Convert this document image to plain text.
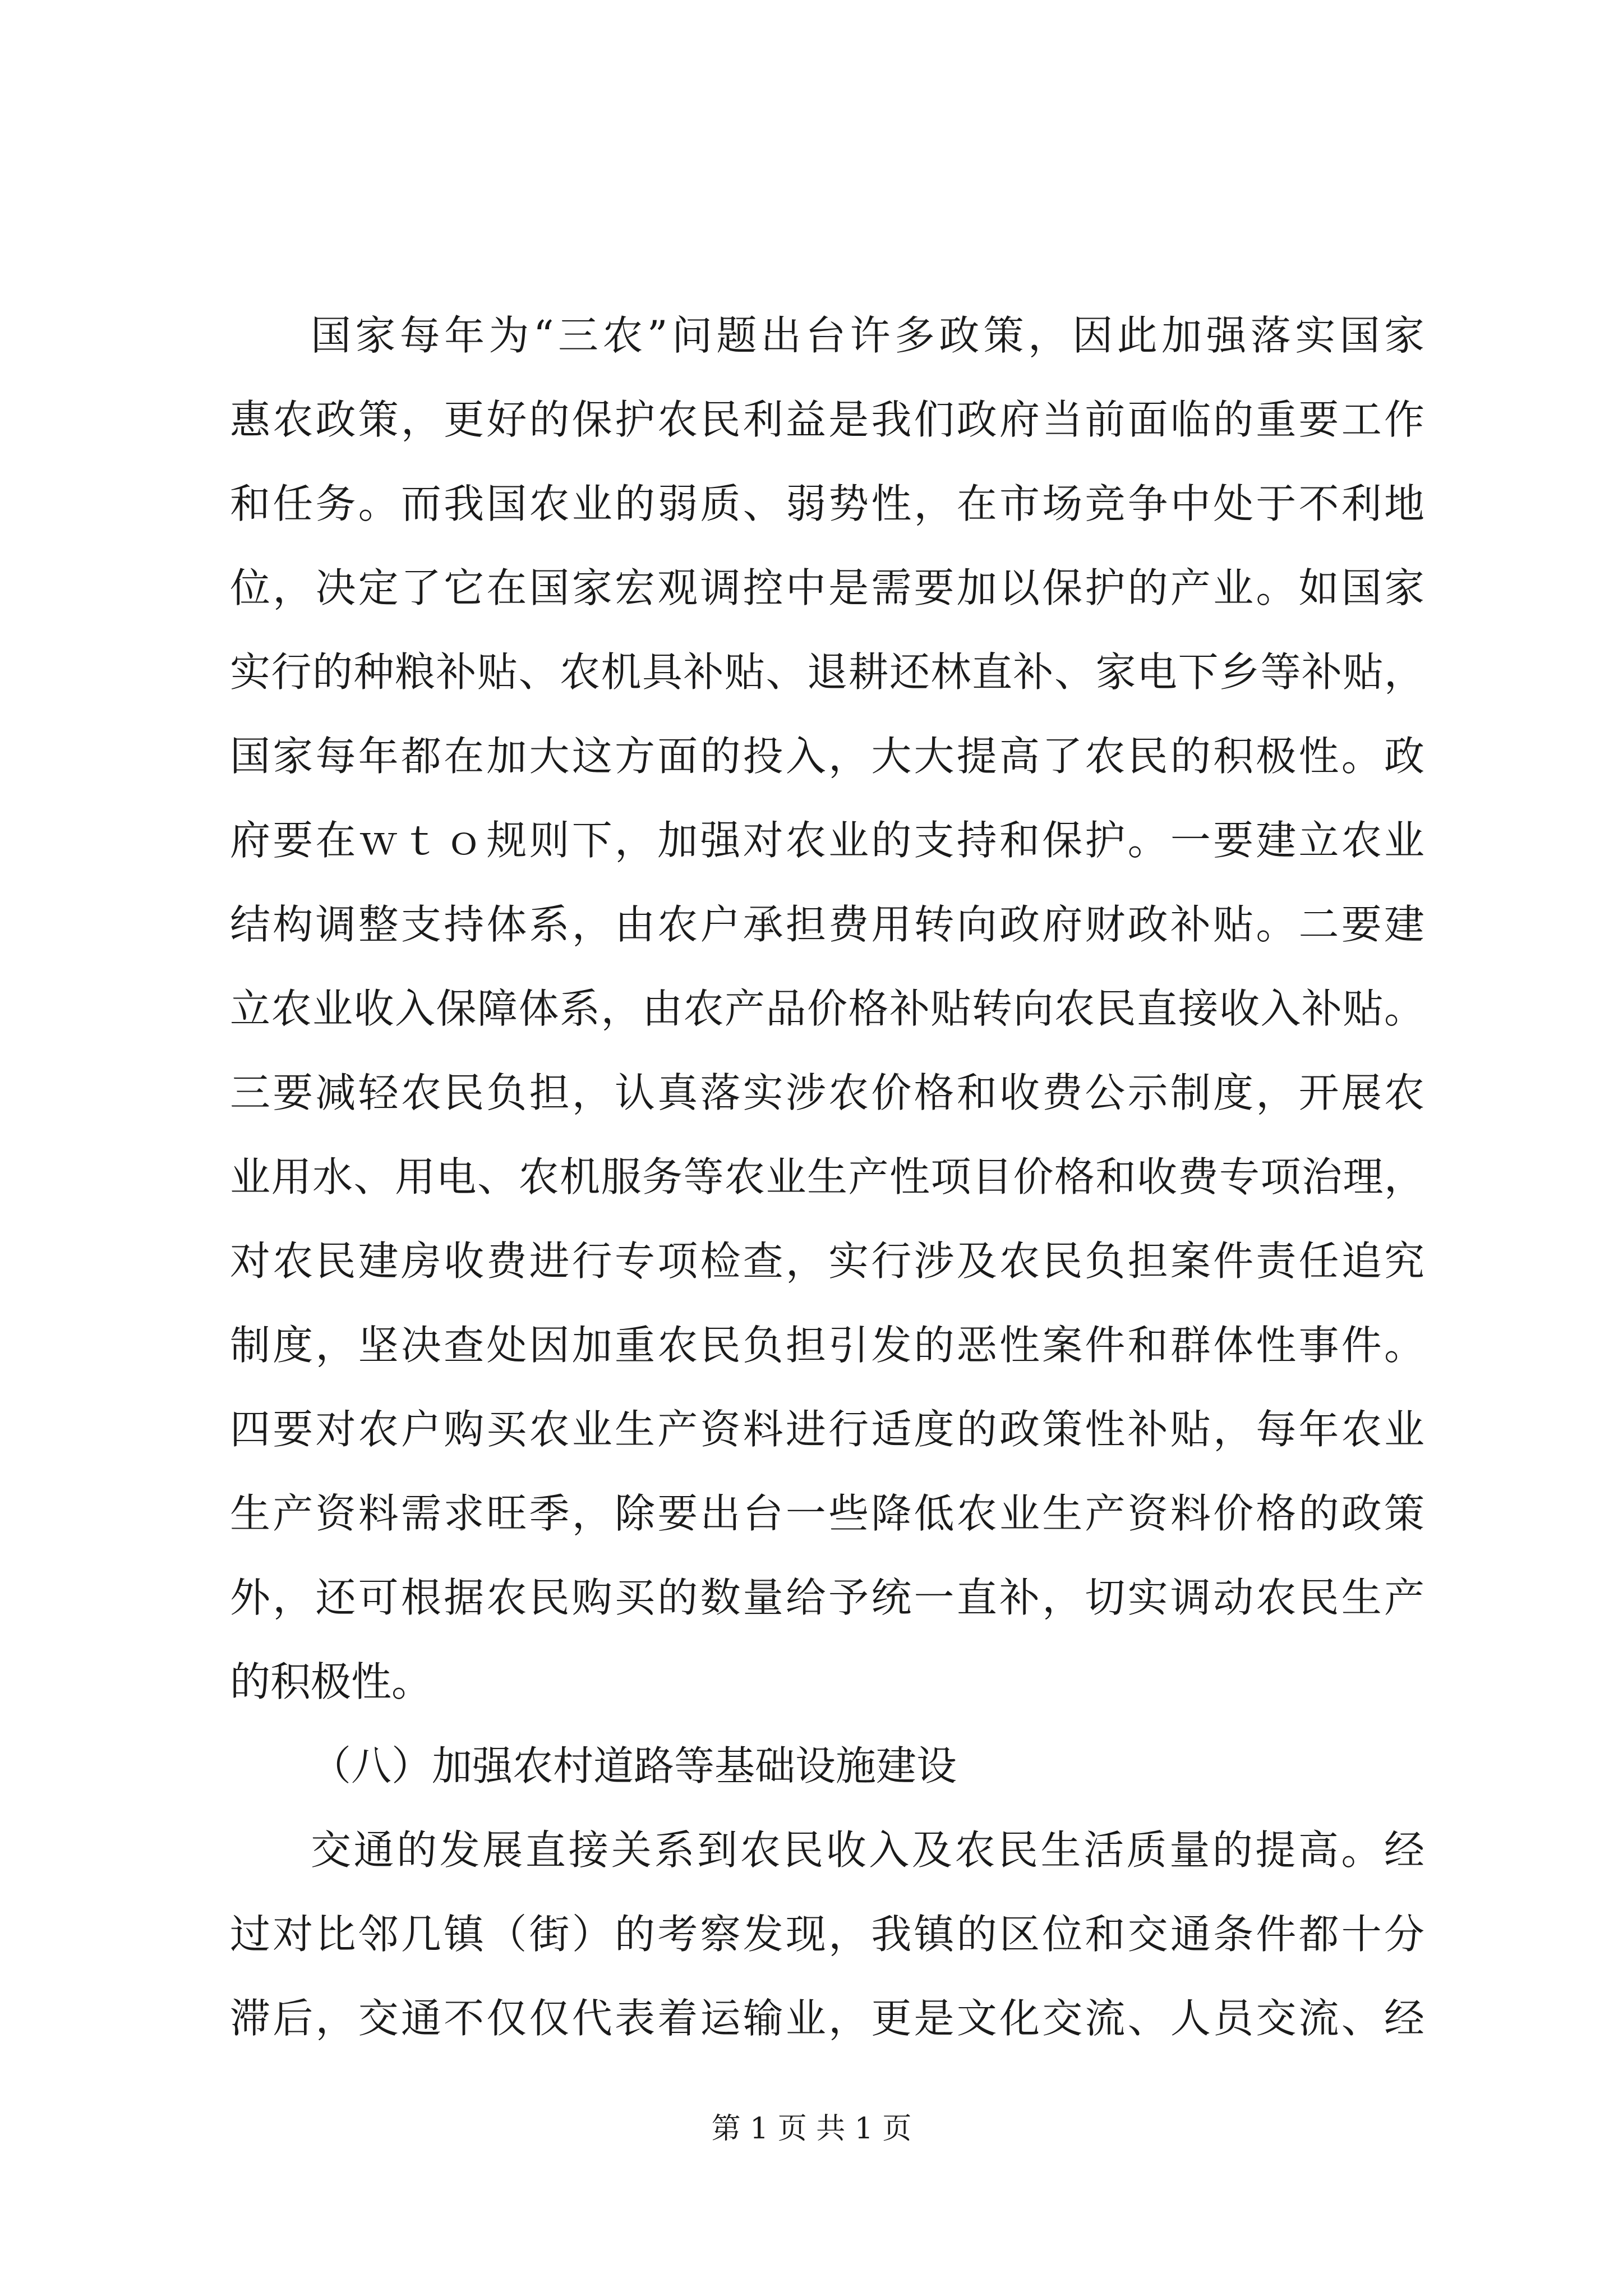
国家每年为“三农”问题出台许多政策，因此加强落实国家
惠农政策，更好的保护农民利益是我们政府当前面临的重要工作
和任务。而我国农业的弱质、弱势性，在市场竞争中处于不利地
位，决定了它在国家宏观调控中是需要加以保护的产业。如国家
实行的种粮补贴、农机具补贴、退耕还林直补、家电下乡等补贴，
国家每年都在加大这方面的投入，大大提高了农民的积极性。政
府要在ｗｔｏ规则下，加强对农业的支持和保护。一要建立农业
结构调整支持体系，由农户承担费用转向政府财政补贴。二要建
立农业收入保障体系，由农产品价格补贴转向农民直接收入补贴。
三要减轻农民负担，认真落实涉农价格和收费公示制度，开展农
业用水、用电、农机服务等农业生产性项目价格和收费专项治理，
对农民建房收费进行专项检查，实行涉及农民负担案件责任追究
制度，坚决查处因加重农民负担引发的恶性案件和群体性事件。
四要对农户购买农业生产资料进行适度的政策性补贴，每年农业
生产资料需求旺季，除要出台一些降低农业生产资料价格的政策
外，还可根据农民购买的数量给予统一直补，切实调动农民生产
的积极性。
（八）加强农村道路等基础设施建设
交通的发展直接关系到农民收入及农民生活质量的提高。经
过对比邻几镇（街）的考察发现，我镇的区位和交通条件都十分
滞后，交通不仅仅代表着运输业，更是文化交流、人员交流、经
第 1 页 共 1 页
